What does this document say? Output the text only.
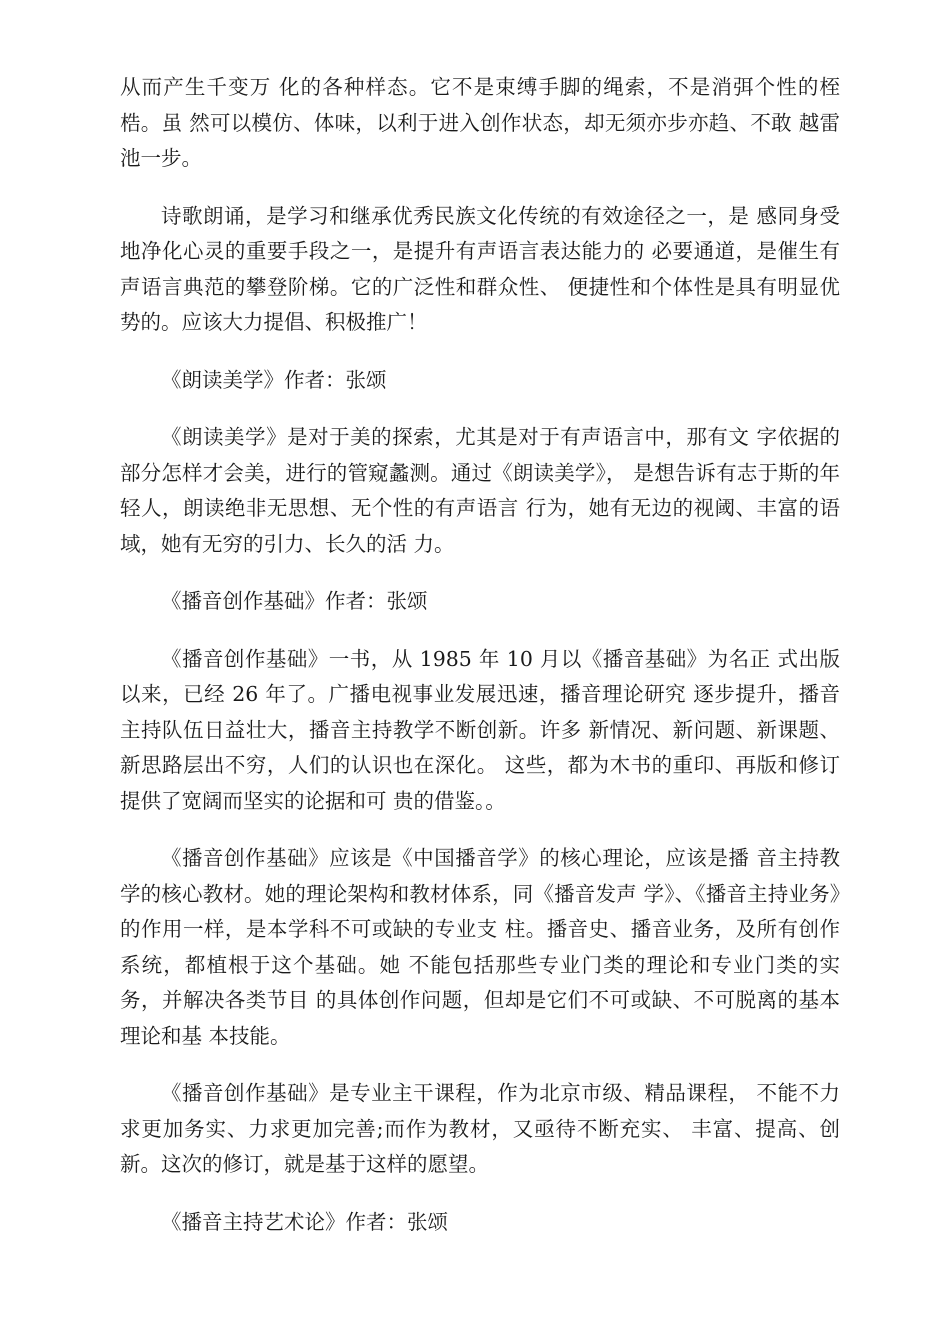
从而产生千变万 化的各种样态。它不是束缚手脚的绳索，不是消弭个性的桎梏。虽 然可以模仿、体味，以利于进入创作状态，却无须亦步亦趋、不敢 越雷池一步。

诗歌朗诵，是学习和继承优秀民族文化传统的有效途径之一，是 感同身受地净化心灵的重要手段之一，是提升有声语言表达能力的 必要通道，是催生有声语言典范的攀登阶梯。它的广泛性和群众性、 便捷性和个体性是具有明显优势的。应该大力提倡、积极推广！

《朗读美学》作者：张颂

《朗读美学》是对于美的探索，尤其是对于有声语言中，那有文 字依据的部分怎样才会美，进行的管窥蠡测。通过《朗读美学》， 是想告诉有志于斯的年轻人，朗读绝非无思想、无个性的有声语言 行为，她有无边的视阈、丰富的语域，她有无穷的引力、长久的活 力。

《播音创作基础》作者：张颂

《播音创作基础》一书，从 1985 年 10 月以《播音基础》为名正 式出版以来，已经 26 年了。广播电视事业发展迅速，播音理论研究 逐步提升，播音主持队伍日益壮大，播音主持教学不断创新。许多 新情况、新问题、新课题、新思路层出不穷，人们的认识也在深化。 这些，都为木书的重印、再版和修订提供了宽阔而坚实的论据和可 贵的借鉴。。

《播音创作基础》应该是《中国播音学》的核心理论，应该是播 音主持教学的核心教材。她的理论架构和教材体系，同《播音发声 学》、《播音主持业务》的作用一样，是本学科不可或缺的专业支 柱。播音史、播音业务，及所有创作系统，都植根于这个基础。她 不能包括那些专业门类的理论和专业门类的实务，并解决各类节目 的具体创作问题，但却是它们不可或缺、不可脱离的基本理论和基 本技能。

《播音创作基础》是专业主干课程，作为北京市级、精品课程， 不能不力求更加务实、力求更加完善;而作为教材，又亟待不断充实、 丰富、提高、创新。这次的修订，就是基于这样的愿望。

《播音主持艺术论》作者：张颂
